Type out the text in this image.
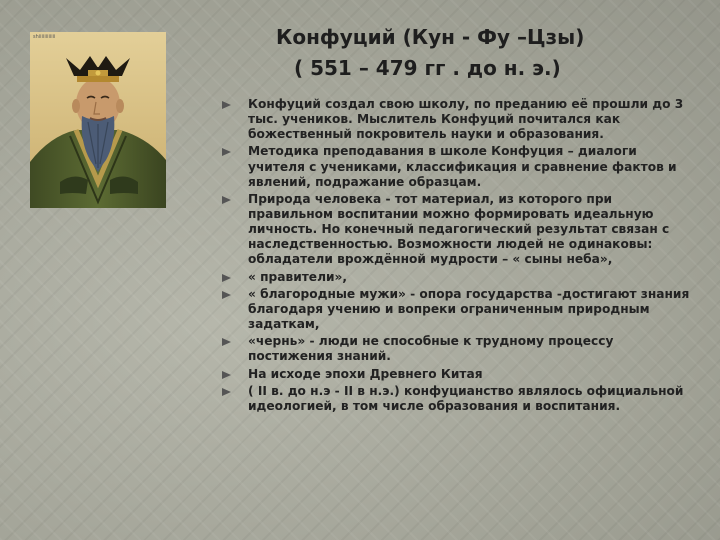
shiiiiiiiiiiii	Конфуций (Кун - Фу –Цзы)
( 551 – 479 гг . до н. э.)
Конфуций создал свою школу, по преданию её прошли до 3 тыс. учеников. Мыслитель Конфуций почитался как божественный покровитель науки и образования.
Методика преподавания в школе Конфуция – диалоги учителя с учениками, классификация и сравнение фактов и явлений, подражание образцам.
Природа человека - тот материал, из которого при правильном воспитании можно формировать идеальную личность. Но конечный педагогический результат связан с наследственностью. Возможности людей не одинаковы: обладатели врождённой мудрости – « сыны неба»,
« правители»,
« благородные мужи» - опора государства -достигают знания благодаря учению и вопреки ограниченным природным задаткам,
«чернь» - люди не способные к трудному процессу постижения знаний.
На исходе эпохи Древнего Китая
( II в. до н.э - II в н.э.) конфуцианство являлось официальной идеологией, в том числе образования и воспитания.
